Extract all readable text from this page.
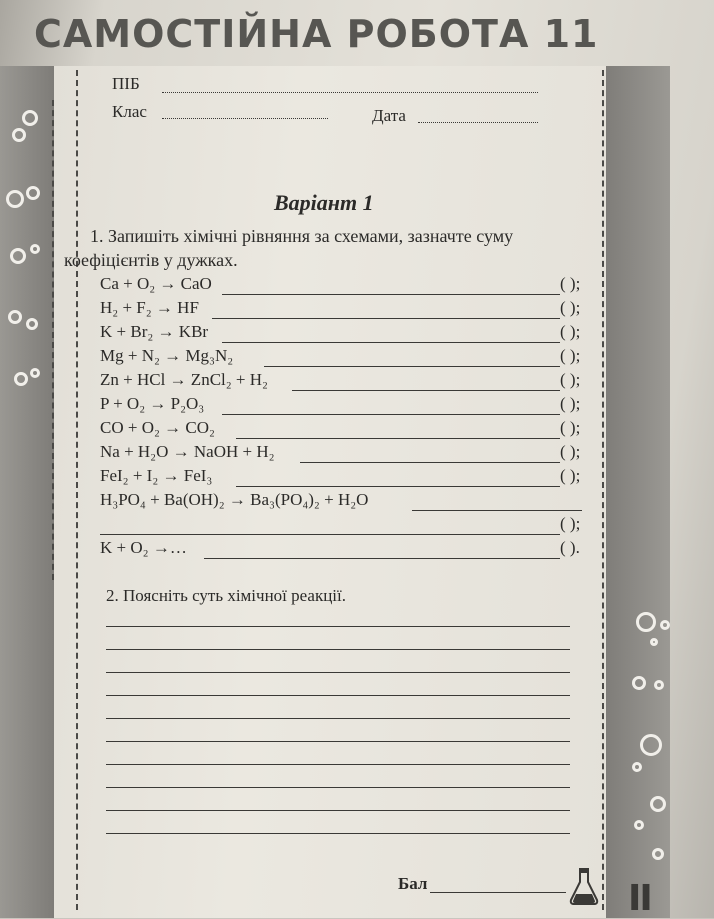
САМОСТІЙНА РОБОТА 11
ПІБ
Клас	Дата
Варіант 1
1. Запишіть хімічні рівняння за схемами, зазначте суму
коефіцієнтів у дужках.
Ca + O₂ → CaO	( );
H₂ + F₂ → HF	( );
K + Br₂ → KBr	( );
Mg + N₂ → Mg₃N₂	( );
Zn + HCl → ZnCl₂ + H₂	( );
P + O₂ → P₂O₃	( );
CO + O₂ → CO₂	( );
Na + H₂O → NaOH + H₂	( );
FeI₂ + I₂ → FeI₃	( );
H₃PO₄ + Ba(OH)₂ → Ba₃(PO₄)₂ + H₂O
( );
K + O₂ →…	( ).
2. Поясніть суть хімічної реакції.
Бал	II
